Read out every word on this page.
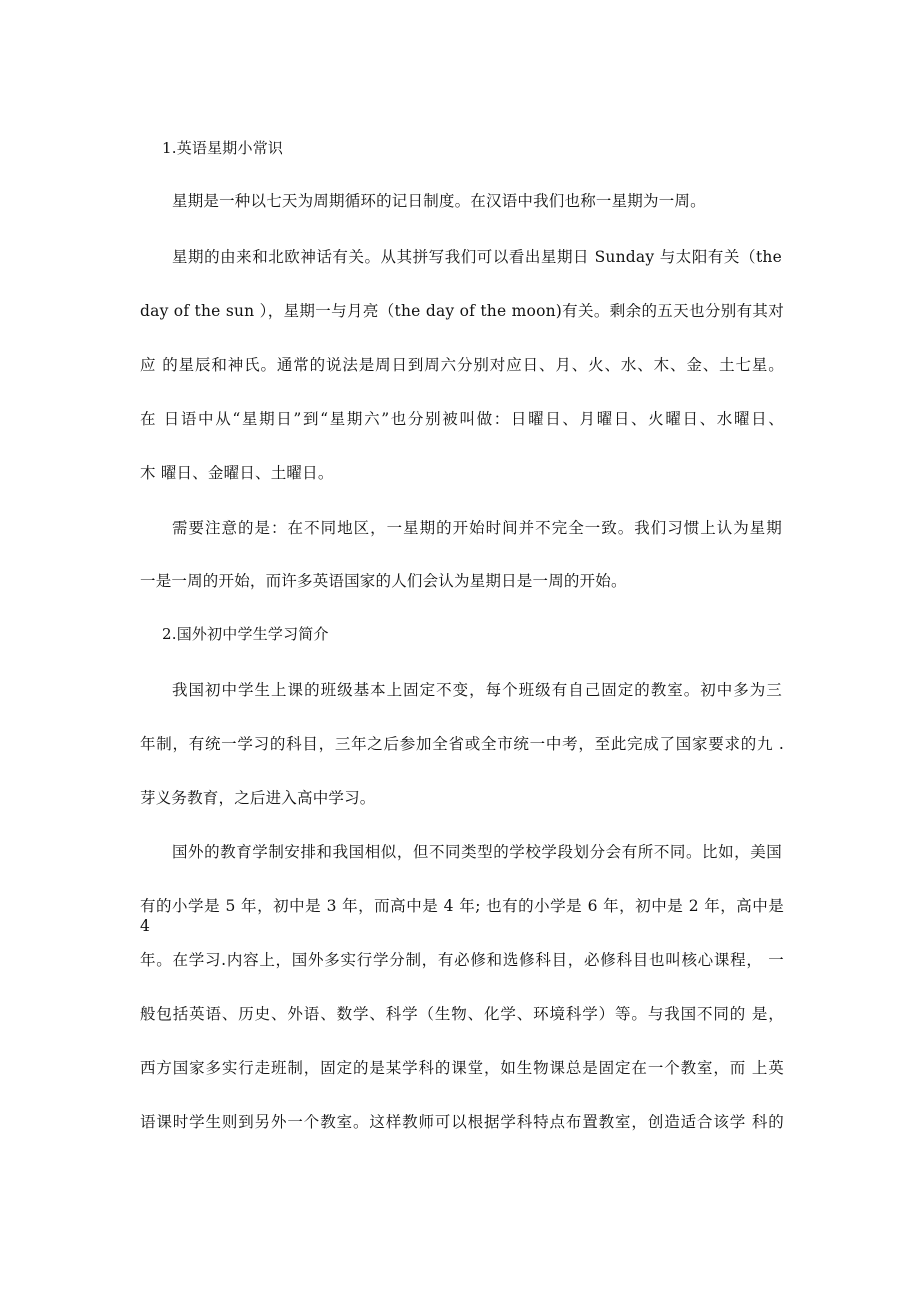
1.英语星期小常识
星期是一种以七天为周期循环的记日制度。在汉语中我们也称一星期为一周。
星期的由来和北欧神话有关。从其拼写我们可以看出星期日 Sunday 与太阳有关（the
day of the sun ），星期一与月亮（the day of the moon)有关。剩余的五天也分别有其对
应 的星辰和神氏。通常的说法是周日到周六分别对应日、月、火、水、木、金、土七星。
在 日语中从“星期日”到“星期六”也分别被叫做：日曜日、月曜日、火曜日、水曜日、
木 曜日、金曜日、土曜日。
需要注意的是：在不同地区，一星期的开始时间并不完全一致。我们习惯上认为星期
一是一周的开始，而许多英语国家的人们会认为星期日是一周的开始。
2.国外初中学生学习简介
我国初中学生上课的班级基本上固定不变，每个班级有自己固定的教室。初中多为三
年制，有统一学习的科目，三年之后参加全省或全市统一中考，至此完成了国家要求的九 .
芽义务教育，之后进入高中学习。
国外的教育学制安排和我国相似，但不同类型的学校学段划分会有所不同。比如，美国
有的小学是 5 年，初中是 3 年，而高中是 4 年; 也有的小学是 6 年，初中是 2 年，高中是 4
年。在学习.内容上，国外多实行学分制，有必修和选修科目，必修科目也叫核心课程， 一
般包括英语、历史、外语、数学、科学（生物、化学、环境科学）等。与我国不同的 是，
西方国家多实行走班制，固定的是某学科的课堂，如生物课总是固定在一个教室，而 上英
语课时学生则到另外一个教室。这样教师可以根据学科特点布置教室，创造适合该学 科的
